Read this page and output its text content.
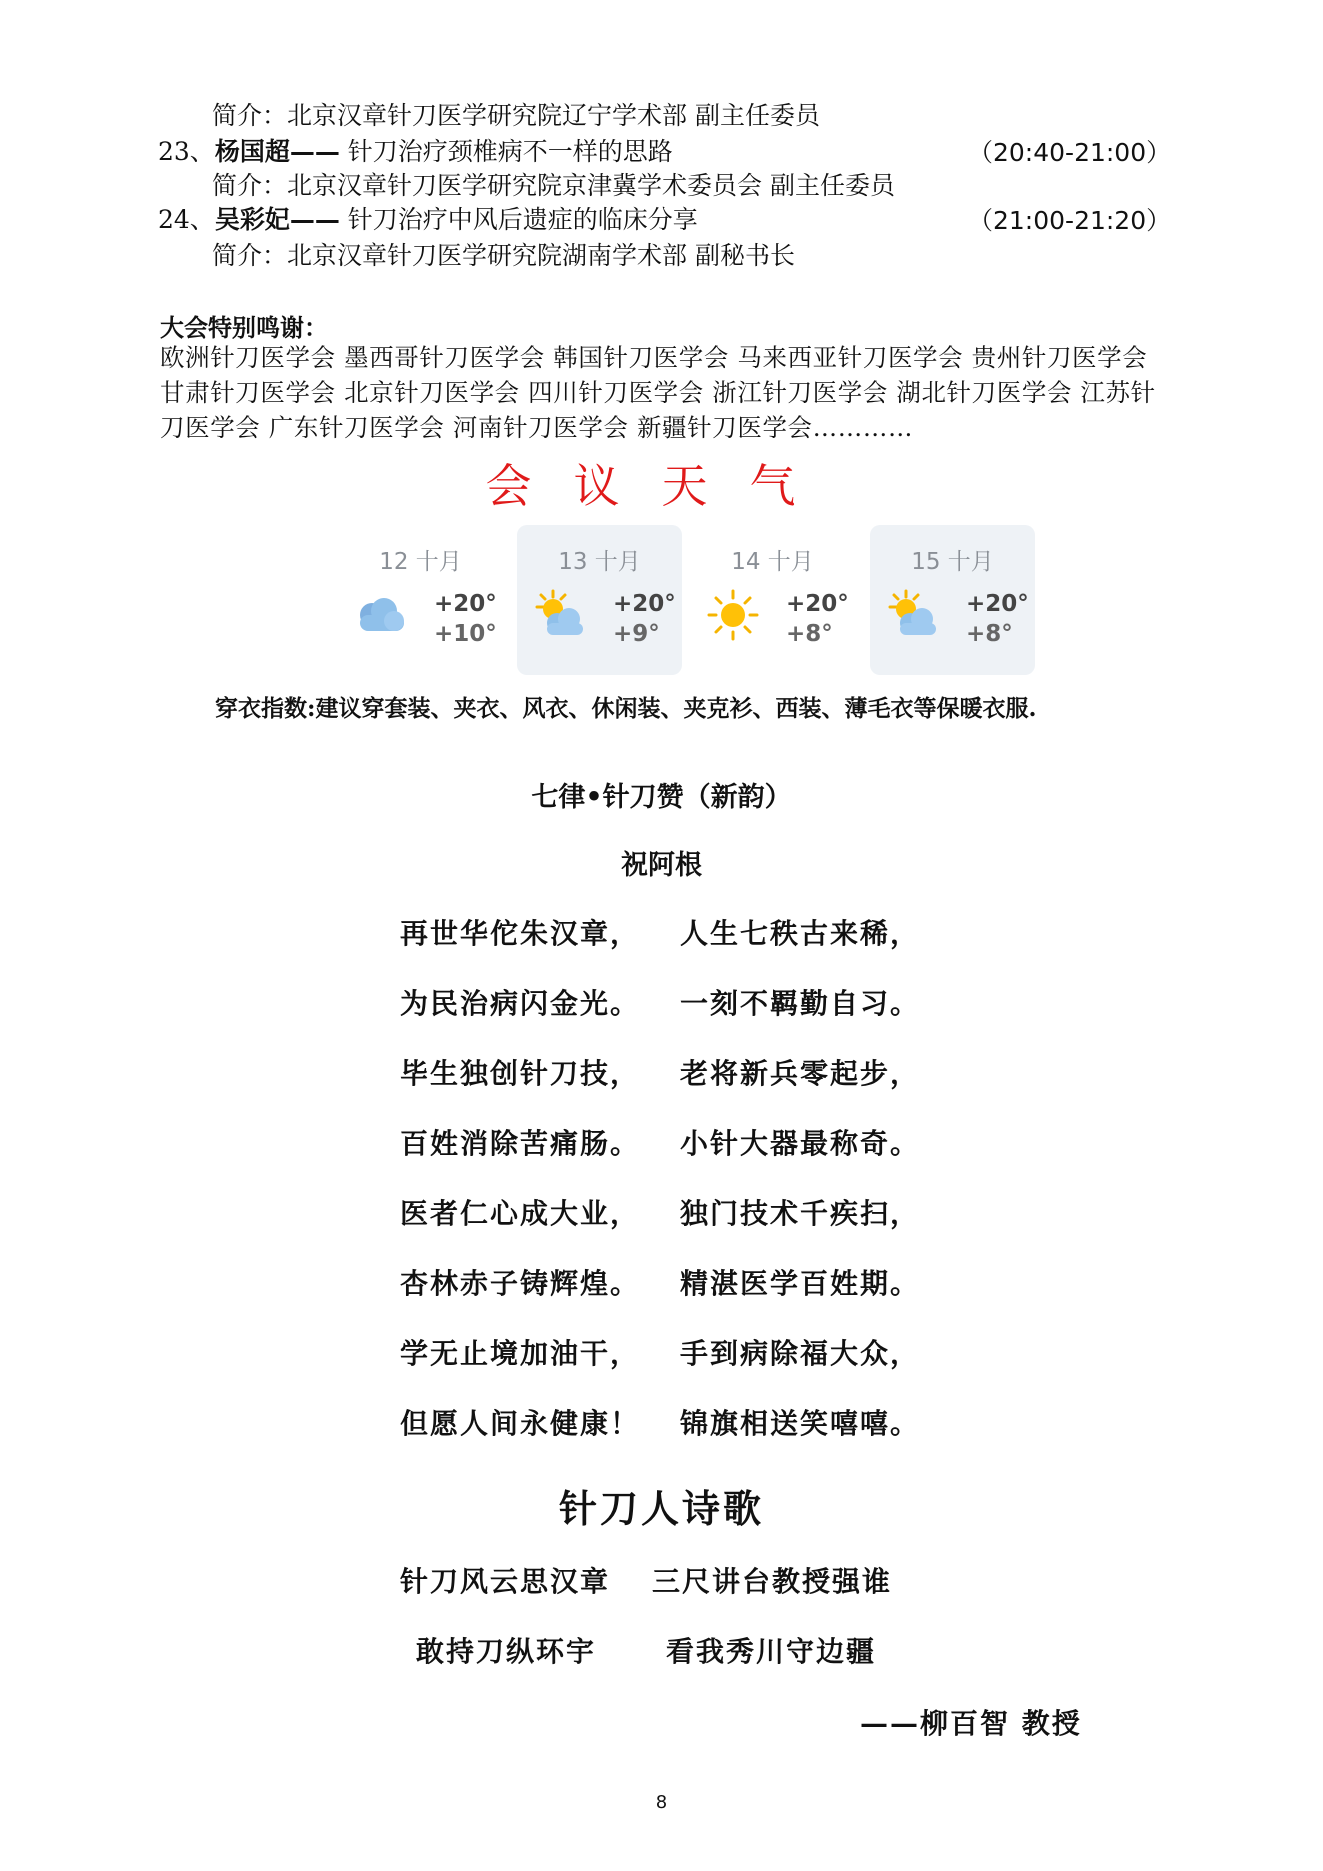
简介：北京汉章针刀医学研究院辽宁学术部 副主任委员
23、杨国超—— 针刀治疗颈椎病不一样的思路	（20:40-21:00）
简介：北京汉章针刀医学研究院京津冀学术委员会 副主任委员
24、吴彩妃—— 针刀治疗中风后遗症的临床分享	（21:00-21:20）
简介：北京汉章针刀医学研究院湖南学术部 副秘书长
大会特别鸣谢：
欧洲针刀医学会 墨西哥针刀医学会 韩国针刀医学会 马来西亚针刀医学会 贵州针刀医学会 甘肃针刀医学会 北京针刀医学会 四川针刀医学会 浙江针刀医学会 湖北针刀医学会 江苏针刀医学会 广东针刀医学会 河南针刀医学会 新疆针刀医学会…………
会议天气
12 十月
+20°
+10°
13 十月
+20°
+9°
14 十月
+20°
+8°
15 十月
+20°
+8°
穿衣指数:建议穿套装、夹衣、风衣、休闲装、夹克衫、西装、薄毛衣等保暖衣服.
七律•针刀赞（新韵）
祝阿根
再世华佗朱汉章， 人生七秩古来稀，
为民治病闪金光。 一刻不羁勤自习。
毕生独创针刀技， 老将新兵零起步，
百姓消除苦痛肠。 小针大器最称奇。
医者仁心成大业， 独门技术千疾扫，
杏林赤子铸辉煌。 精湛医学百姓期。
学无止境加油干， 手到病除福大众，
但愿人间永健康！ 锦旗相送笑嘻嘻。
针刀人诗歌
针刀风云思汉章 三尺讲台教授强谁
敢持刀纵环宇 看我秀川守边疆
——柳百智 教授
8
